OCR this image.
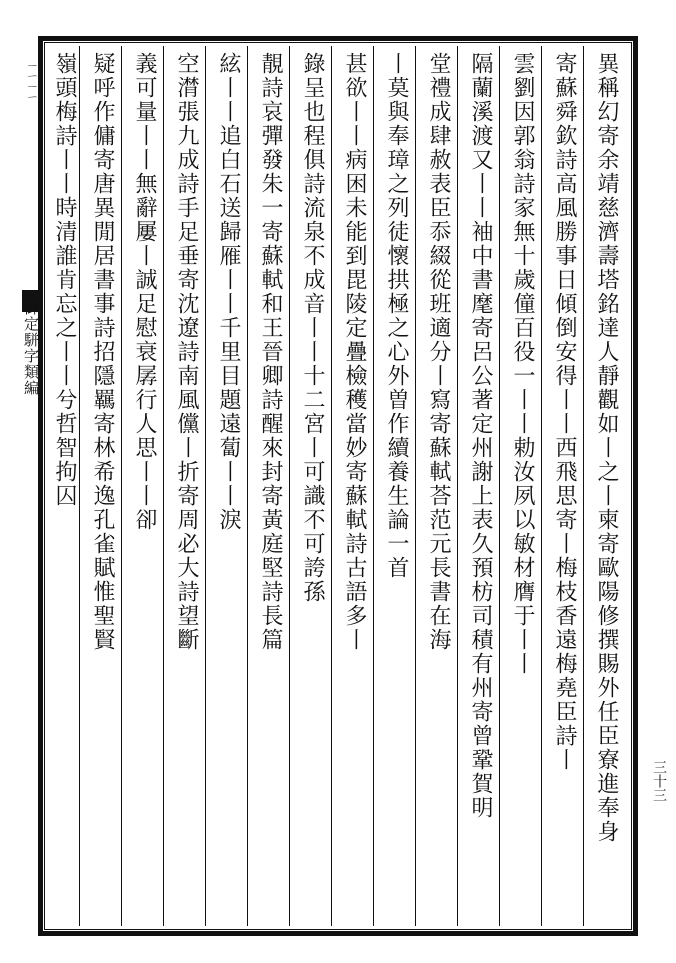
ㄧㄧㄧㄧ
御定駢字類編	異稱幻寄余靖慈濟壽塔銘達人靜觀如丨之丨柬寄歐陽修撰賜外任臣寮進奉身
寄蘇舜欽詩高風勝事日傾倒安得丨丨西飛思寄丨梅枝香遠梅堯臣詩丨
雲劉因郭翁詩家無十歲僮百役一丨丨勅汝夙以敏材膺于丨丨
隔蘭溪渡又丨丨袖中書麾寄呂公著定州謝上表久預枋司積有州寄曾鞏賀明
堂禮成肆赦表臣忝綴從班適分丨寫寄蘇軾荅范元長書在海
丨莫與奉璋之列徒懷拱極之心外曽作續養生論一首
甚欲丨丨病困未能到毘陵定疊檢穫當妙寄蘇軾詩古語多丨
錄呈也程俱詩流泉不成音丨丨十二宮丨可識不可誇孫
靚詩哀彈發朱一寄蘇軾和王晉卿詩醒來封寄黃庭堅詩長篇
絃丨丨追白石送歸雁丨丨千里目題遠蔔丨丨淚
空潸張九成詩手足垂寄沈遼詩南風儻丨折寄周必大詩望斷
義可量丨丨無辭屢丨誠足慰衰孱行人思丨丨卻
疑呼作傭寄唐異閒居書事詩招隱羈寄林希逸孔雀賦惟聖賢
嶺頭梅詩丨丨時清誰肯忘之丨丨兮哲智拘囚
三十三
